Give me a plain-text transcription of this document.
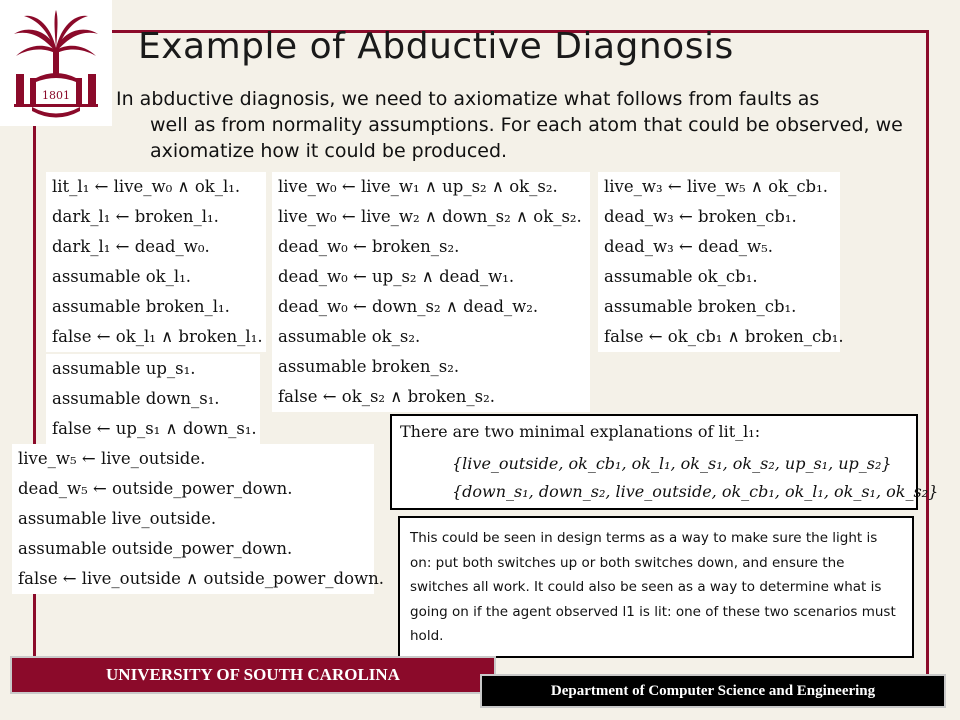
1801
Example of Abductive Diagnosis
In abductive diagnosis, we need to axiomatize what follows from faults as
well as from normality assumptions. For each atom that could be observed, we axiomatize how it could be produced.
lit_l₁ ← live_w₀ ∧ ok_l₁.
dark_l₁ ← broken_l₁.
dark_l₁ ← dead_w₀.
assumable ok_l₁.
assumable broken_l₁.
false ← ok_l₁ ∧ broken_l₁.
assumable up_s₁.
assumable down_s₁.
false ← up_s₁ ∧ down_s₁.
live_w₅ ← live_outside.
dead_w₅ ← outside_power_down.
assumable live_outside.
assumable outside_power_down.
false ← live_outside ∧ outside_power_down.
live_w₀ ← live_w₁ ∧ up_s₂ ∧ ok_s₂.
live_w₀ ← live_w₂ ∧ down_s₂ ∧ ok_s₂.
dead_w₀ ← broken_s₂.
dead_w₀ ← up_s₂ ∧ dead_w₁.
dead_w₀ ← down_s₂ ∧ dead_w₂.
assumable ok_s₂.
assumable broken_s₂.
false ← ok_s₂ ∧ broken_s₂.
live_w₃ ← live_w₅ ∧ ok_cb₁.
dead_w₃ ← broken_cb₁.
dead_w₃ ← dead_w₅.
assumable ok_cb₁.
assumable broken_cb₁.
false ← ok_cb₁ ∧ broken_cb₁.
There are two minimal explanations of lit_l₁:
{live_outside, ok_cb₁, ok_l₁, ok_s₁, ok_s₂, up_s₁, up_s₂}
{down_s₁, down_s₂, live_outside, ok_cb₁, ok_l₁, ok_s₁, ok_s₂}
This could be seen in design terms as a way to make sure the light is on: put both switches up or both switches down, and ensure the switches all work. It could also be seen as a way to determine what is going on if the agent observed l1 is lit: one of these two scenarios must hold.
UNIVERSITY OF SOUTH CAROLINA
Department of Computer Science and Engineering
